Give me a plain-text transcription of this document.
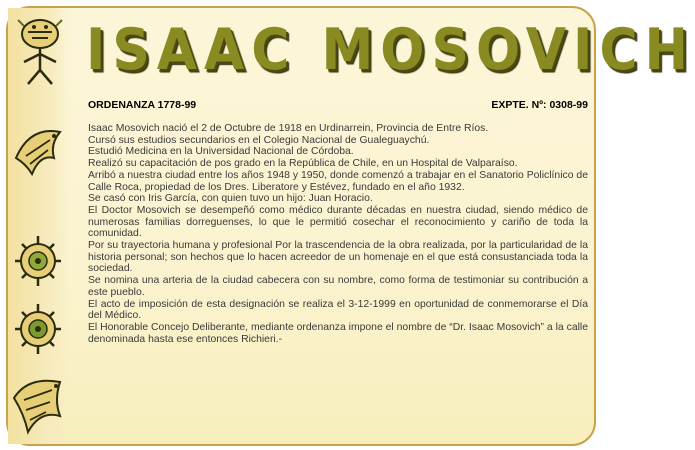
ISAAC MOSOVICH
ORDENANZA 1778-99	EXPTE. Nº: 0308-99

Isaac Mosovich nació el 2 de Octubre de 1918 en Urdinarrein, Provincia de Entre Ríos.

Cursó sus estudios secundarios en el Colegio Nacional de Gualeguaychú.

Estudió Medicina en la Universidad Nacional de Córdoba.

Realizó su capacitación de pos grado en la República de Chile, en un Hospital de Valparaíso.

Arribó a nuestra ciudad entre los años 1948 y 1950, donde comenzó a trabajar en el Sanatorio Policlínico de Calle Roca, propiedad de los Dres. Liberatore y Estévez, fundado en el año 1932.

Se casó con Iris García, con quien tuvo un hijo: Juan Horacio.

El Doctor Mosovich se desempeñó como médico durante décadas en nuestra ciudad, siendo médico de numerosas familias dorreguenses, lo que le permitió cosechar el reconocimiento y cariño de toda la comunidad.

Por su trayectoria humana y profesional Por la trascendencia de la obra realizada, por la particularidad de la historia personal; son hechos que lo hacen acreedor de un homenaje en el que está consustanciada toda la sociedad.

Se nomina una arteria de la ciudad cabecera con su nombre, como forma de testimoniar su contribución a este pueblo.

El acto de imposición de esta designación se realiza el 3-12-1999 en oportunidad de conmemorarse el Día del Médico.

El Honorable Concejo Deliberante, mediante ordenanza impone el nombre de “Dr. Isaac Mosovich” a la calle denominada hasta ese entonces Richieri.-
